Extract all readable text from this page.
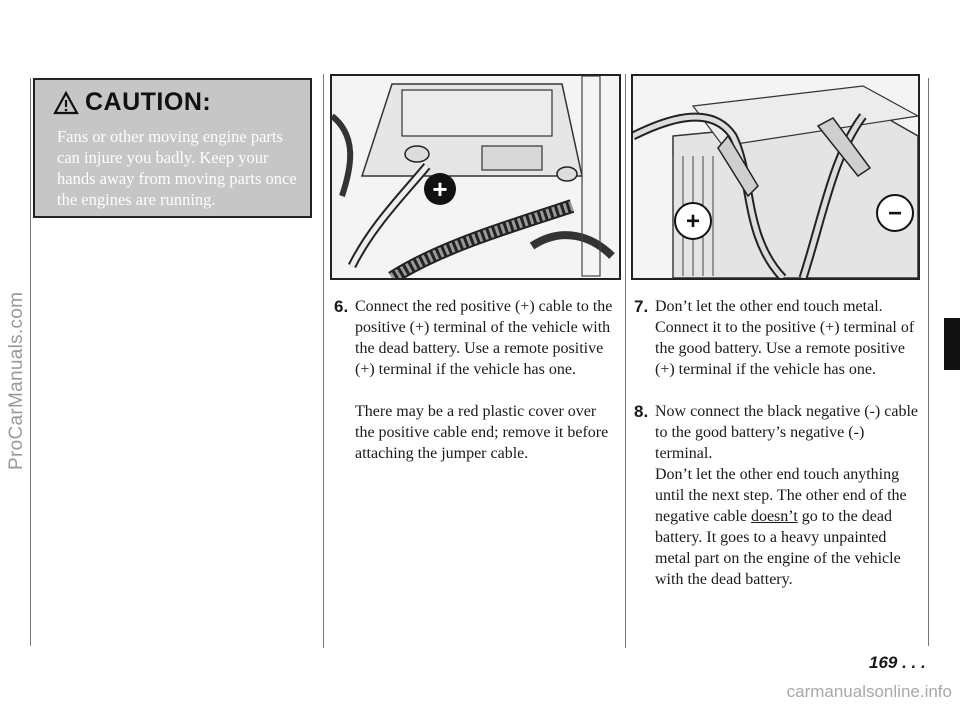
ProCarManuals.com
carmanualsonline.info
CAUTION:
Fans or other moving engine parts can injure you badly. Keep your hands away from moving parts once the engines are running.	+
+	−
6. Connect the red positive (+) cable to the positive (+) terminal of the vehicle with the dead battery. Use a remote positive (+) terminal if the vehicle has one.
There may be a red plastic cover over the positive cable end; remove it before attaching the jumper cable.
7. Don’t let the other end touch metal. Connect it to the positive (+) terminal of the good battery. Use a remote positive (+) terminal if the vehicle has one.
8. Now connect the black negative (-) cable to the good battery’s negative (-) terminal.
Don’t let the other end touch anything until the next step. The other end of the negative cable doesn’t go to the dead battery. It goes to a heavy unpainted metal part on the engine of the vehicle with the dead battery.
169 . . .
